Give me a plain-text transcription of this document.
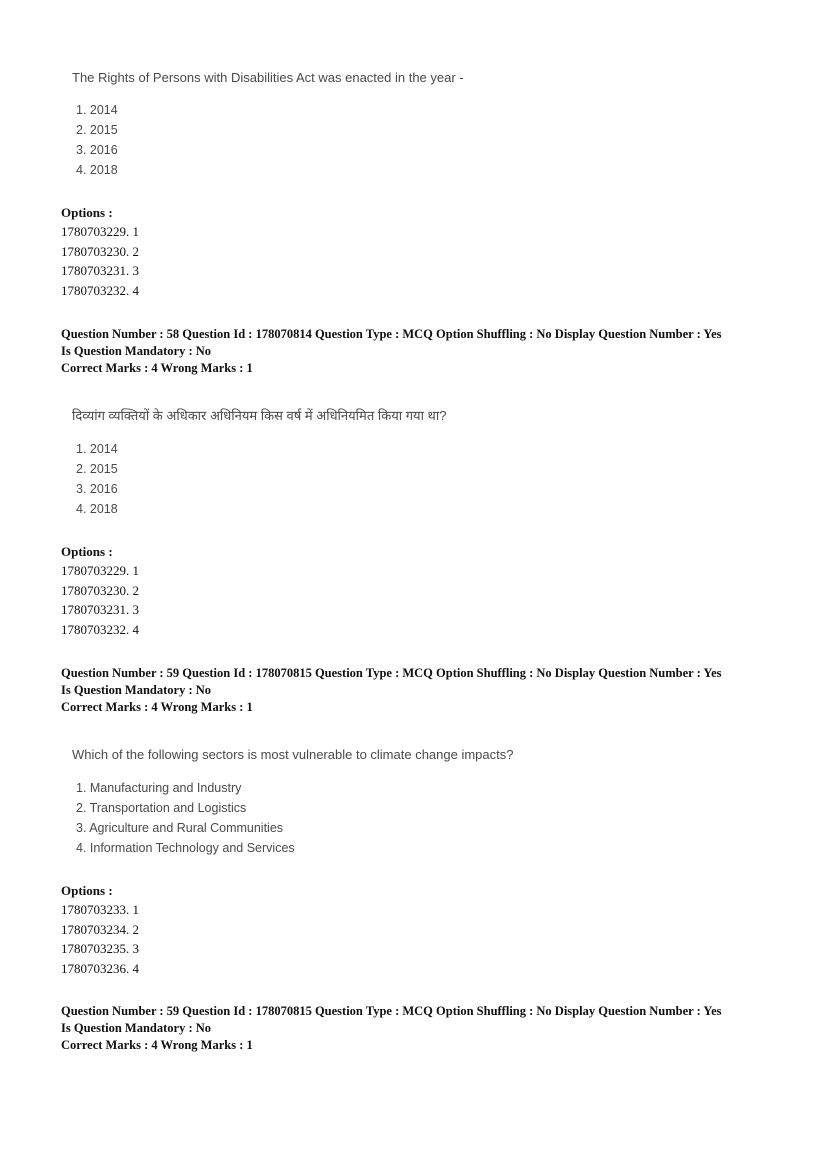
The Rights of Persons with Disabilities Act was enacted in the year -
1. 2014
2. 2015
3. 2016
4. 2018
Options :
1780703229. 1
1780703230. 2
1780703231. 3
1780703232. 4
Question Number : 58 Question Id : 178070814 Question Type : MCQ Option Shuffling : No Display Question Number : Yes
Is Question Mandatory : No
Correct Marks : 4 Wrong Marks : 1
दिव्यांग व्यक्तियों के अधिकार अधिनियम किस वर्ष में अधिनियमित किया गया था?
1. 2014
2. 2015
3. 2016
4. 2018
Options :
1780703229. 1
1780703230. 2
1780703231. 3
1780703232. 4
Question Number : 59 Question Id : 178070815 Question Type : MCQ Option Shuffling : No Display Question Number : Yes
Is Question Mandatory : No
Correct Marks : 4 Wrong Marks : 1
Which of the following sectors is most vulnerable to climate change impacts?
1. Manufacturing and Industry
2. Transportation and Logistics
3. Agriculture and Rural Communities
4. Information Technology and Services
Options :
1780703233. 1
1780703234. 2
1780703235. 3
1780703236. 4
Question Number : 59 Question Id : 178070815 Question Type : MCQ Option Shuffling : No Display Question Number : Yes
Is Question Mandatory : No
Correct Marks : 4 Wrong Marks : 1
